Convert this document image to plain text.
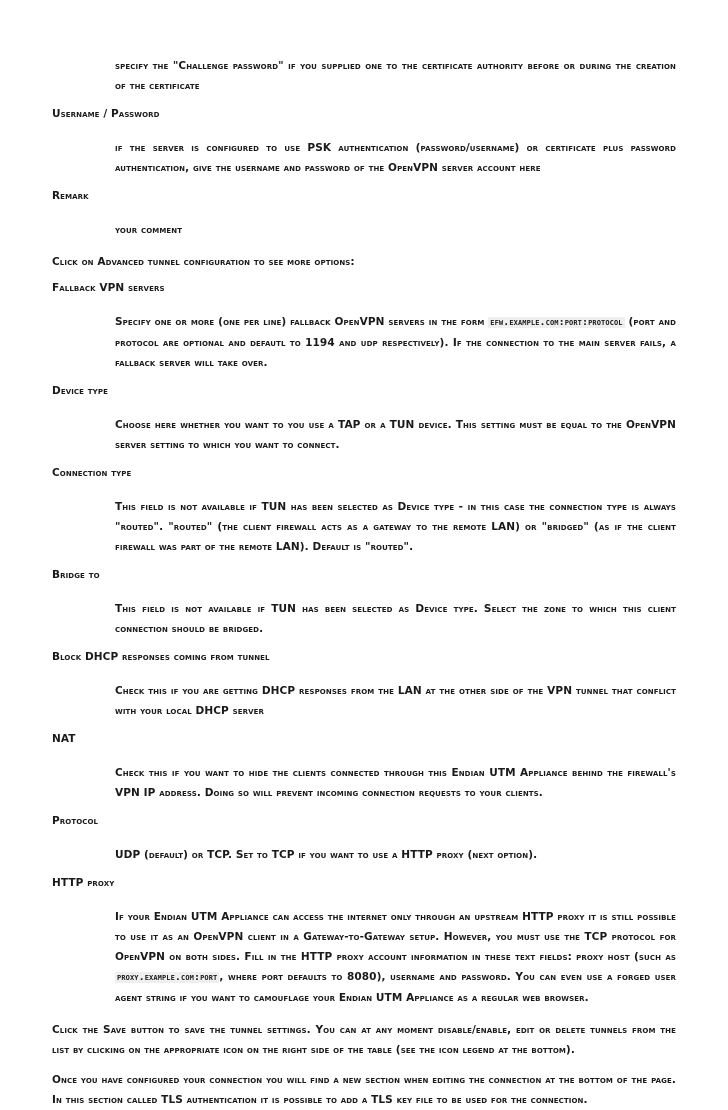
specify the "Challenge password" if you supplied one to the certificate authority before or during the creation of the certificate
Username / Password
if the server is configured to use PSK authentication (password/username) or certificate plus password authentication, give the username and password of the OpenVPN server account here
Remark
your comment
Click on Advanced tunnel configuration to see more options:
Fallback VPN servers
Specify one or more (one per line) fallback OpenVPN servers in the form efw.example.com:port:protocol (port and protocol are optional and defautl to 1194 and udp respectively). If the connection to the main server fails, a fallback server will take over.
Device type
Choose here whether you want to you use a TAP or a TUN device. This setting must be equal to the OpenVPN server setting to which you want to connect.
Connection type
This field is not available if TUN has been selected as Device type - in this case the connection type is always "routed". "routed" (the client firewall acts as a gateway to the remote LAN) or "bridged" (as if the client firewall was part of the remote LAN). Default is "routed".
Bridge to
This field is not available if TUN has been selected as Device type. Select the zone to which this client connection should be bridged.
Block DHCP responses coming from tunnel
Check this if you are getting DHCP responses from the LAN at the other side of the VPN tunnel that conflict with your local DHCP server
NAT
Check this if you want to hide the clients connected through this Endian UTM Appliance behind the firewall's VPN IP address. Doing so will prevent incoming connection requests to your clients.
Protocol
UDP (default) or TCP. Set to TCP if you want to use a HTTP proxy (next option).
HTTP proxy
If your Endian UTM Appliance can access the internet only through an upstream HTTP proxy it is still possible to use it as an OpenVPN client in a Gateway-to-Gateway setup. However, you must use the TCP protocol for OpenVPN on both sides. Fill in the HTTP proxy account information in these text fields: proxy host (such as proxy.example.com:port , where port defaults to 8080), username and password. You can even use a forged user agent string if you want to camouflage your Endian UTM Appliance as a regular web browser.
Click the Save button to save the tunnel settings. You can at any moment disable/enable, edit or delete tunnels from the list by clicking on the appropriate icon on the right side of the table (see the icon legend at the bottom).
Once you have configured your connection you will find a new section when editing the connection at the bottom of the page. In this section called TLS authentication it is possible to add a TLS key file to be used for the connection.
